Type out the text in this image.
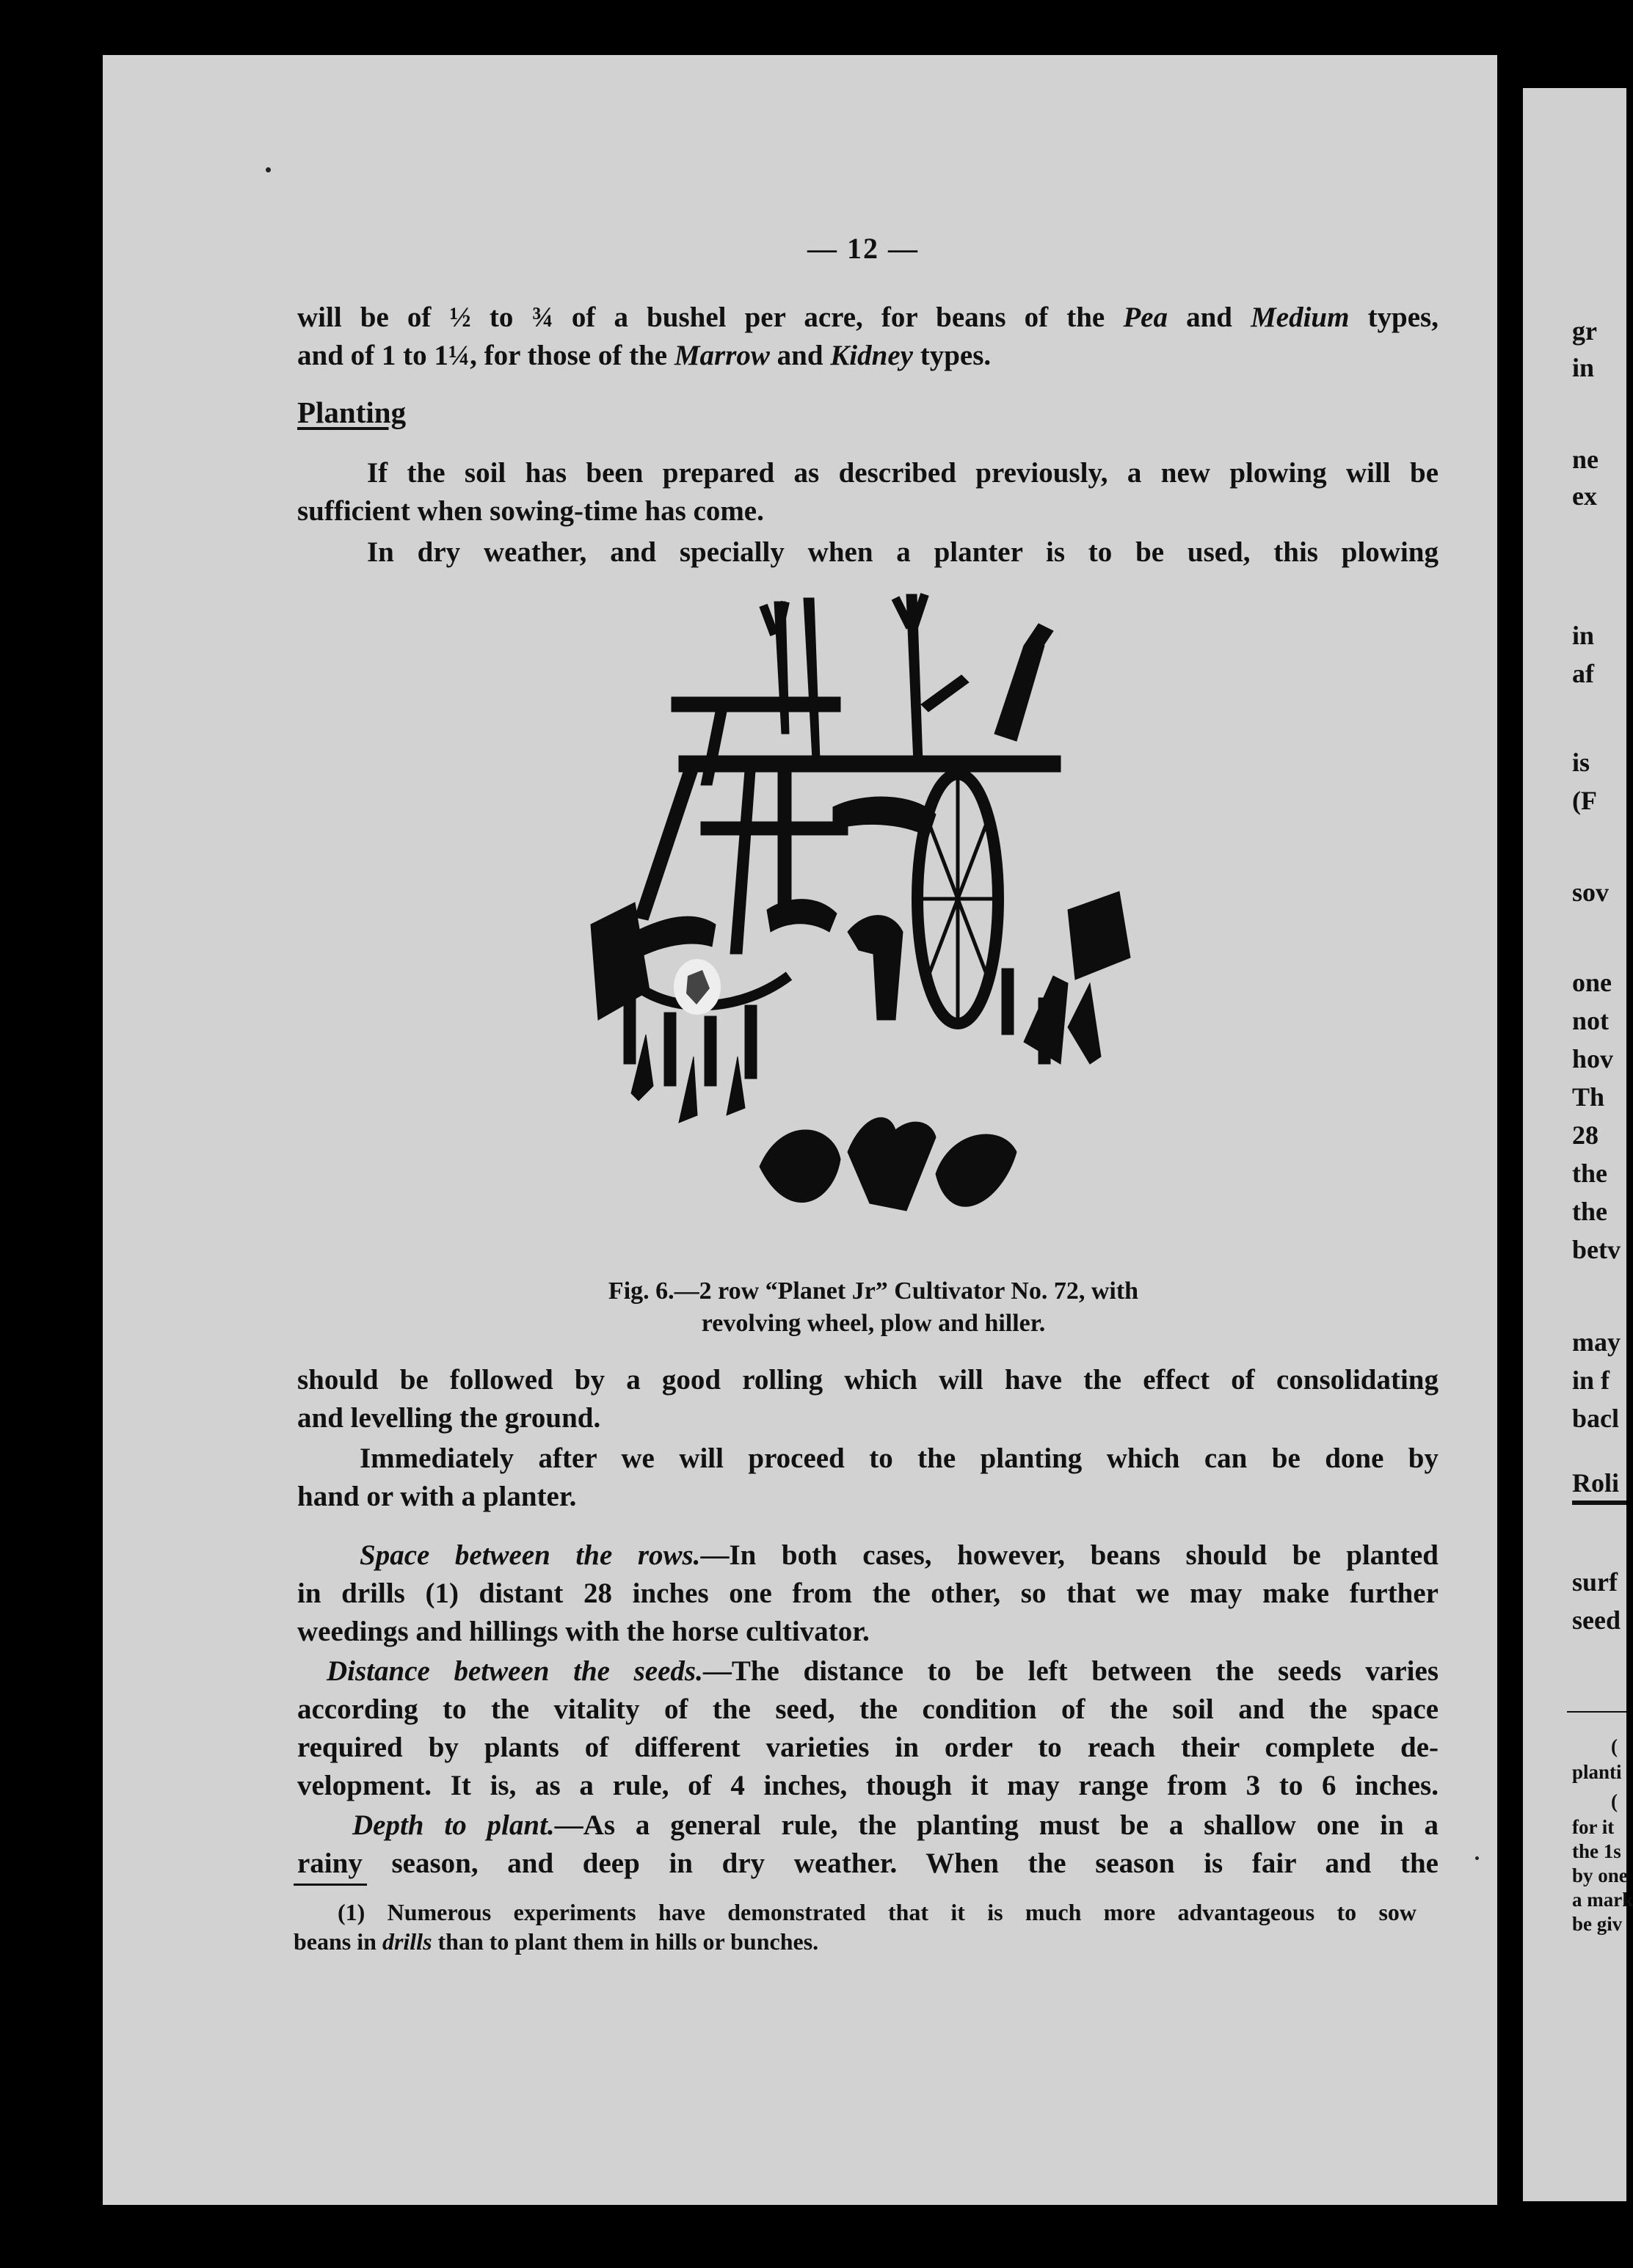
— 12 —
will be of ½ to ¾ of a bushel per acre, for beans of the Pea and Medium types,
and of 1 to 1¼, for those of the Marrow and Kidney types.
Planting
If the soil has been prepared as described previously, a new plowing will be
sufficient when sowing-time has come.
In dry weather, and specially when a planter is to be used, this plowing
Fig. 6.—2 row “Planet Jr” Cultivator No. 72, with
revolving wheel, plow and hiller.
should be followed by a good rolling which will have the effect of consolidating
and levelling the ground.
Immediately after we will proceed to the planting which can be done by
hand or with a planter.
Space between the rows.—In both cases, however, beans should be planted
in drills (1) distant 28 inches one from the other, so that we may make further
weedings and hillings with the horse cultivator.
Distance between the seeds.—The distance to be left between the seeds varies
according to the vitality of the seed, the condition of the soil and the space
required by plants of different varieties in order to reach their complete de-
velopment. It is, as a rule, of 4 inches, though it may range from 3 to 6 inches.
Depth to plant.—As a general rule, the planting must be a shallow one in a
rainy season, and deep in dry weather. When the season is fair and the
(1) Numerous experiments have demonstrated that it is much more advantageous to sow
beans in drills than to plant them in hills or bunches.
gr
in
ne
ex
in
af
is
(F
sov
one
not
hov
Th
28
the
the
betv
may
in f
bacl
Roli
surf
seed
(
planti
(
for it
the 1s
by one
a mark
be giv
